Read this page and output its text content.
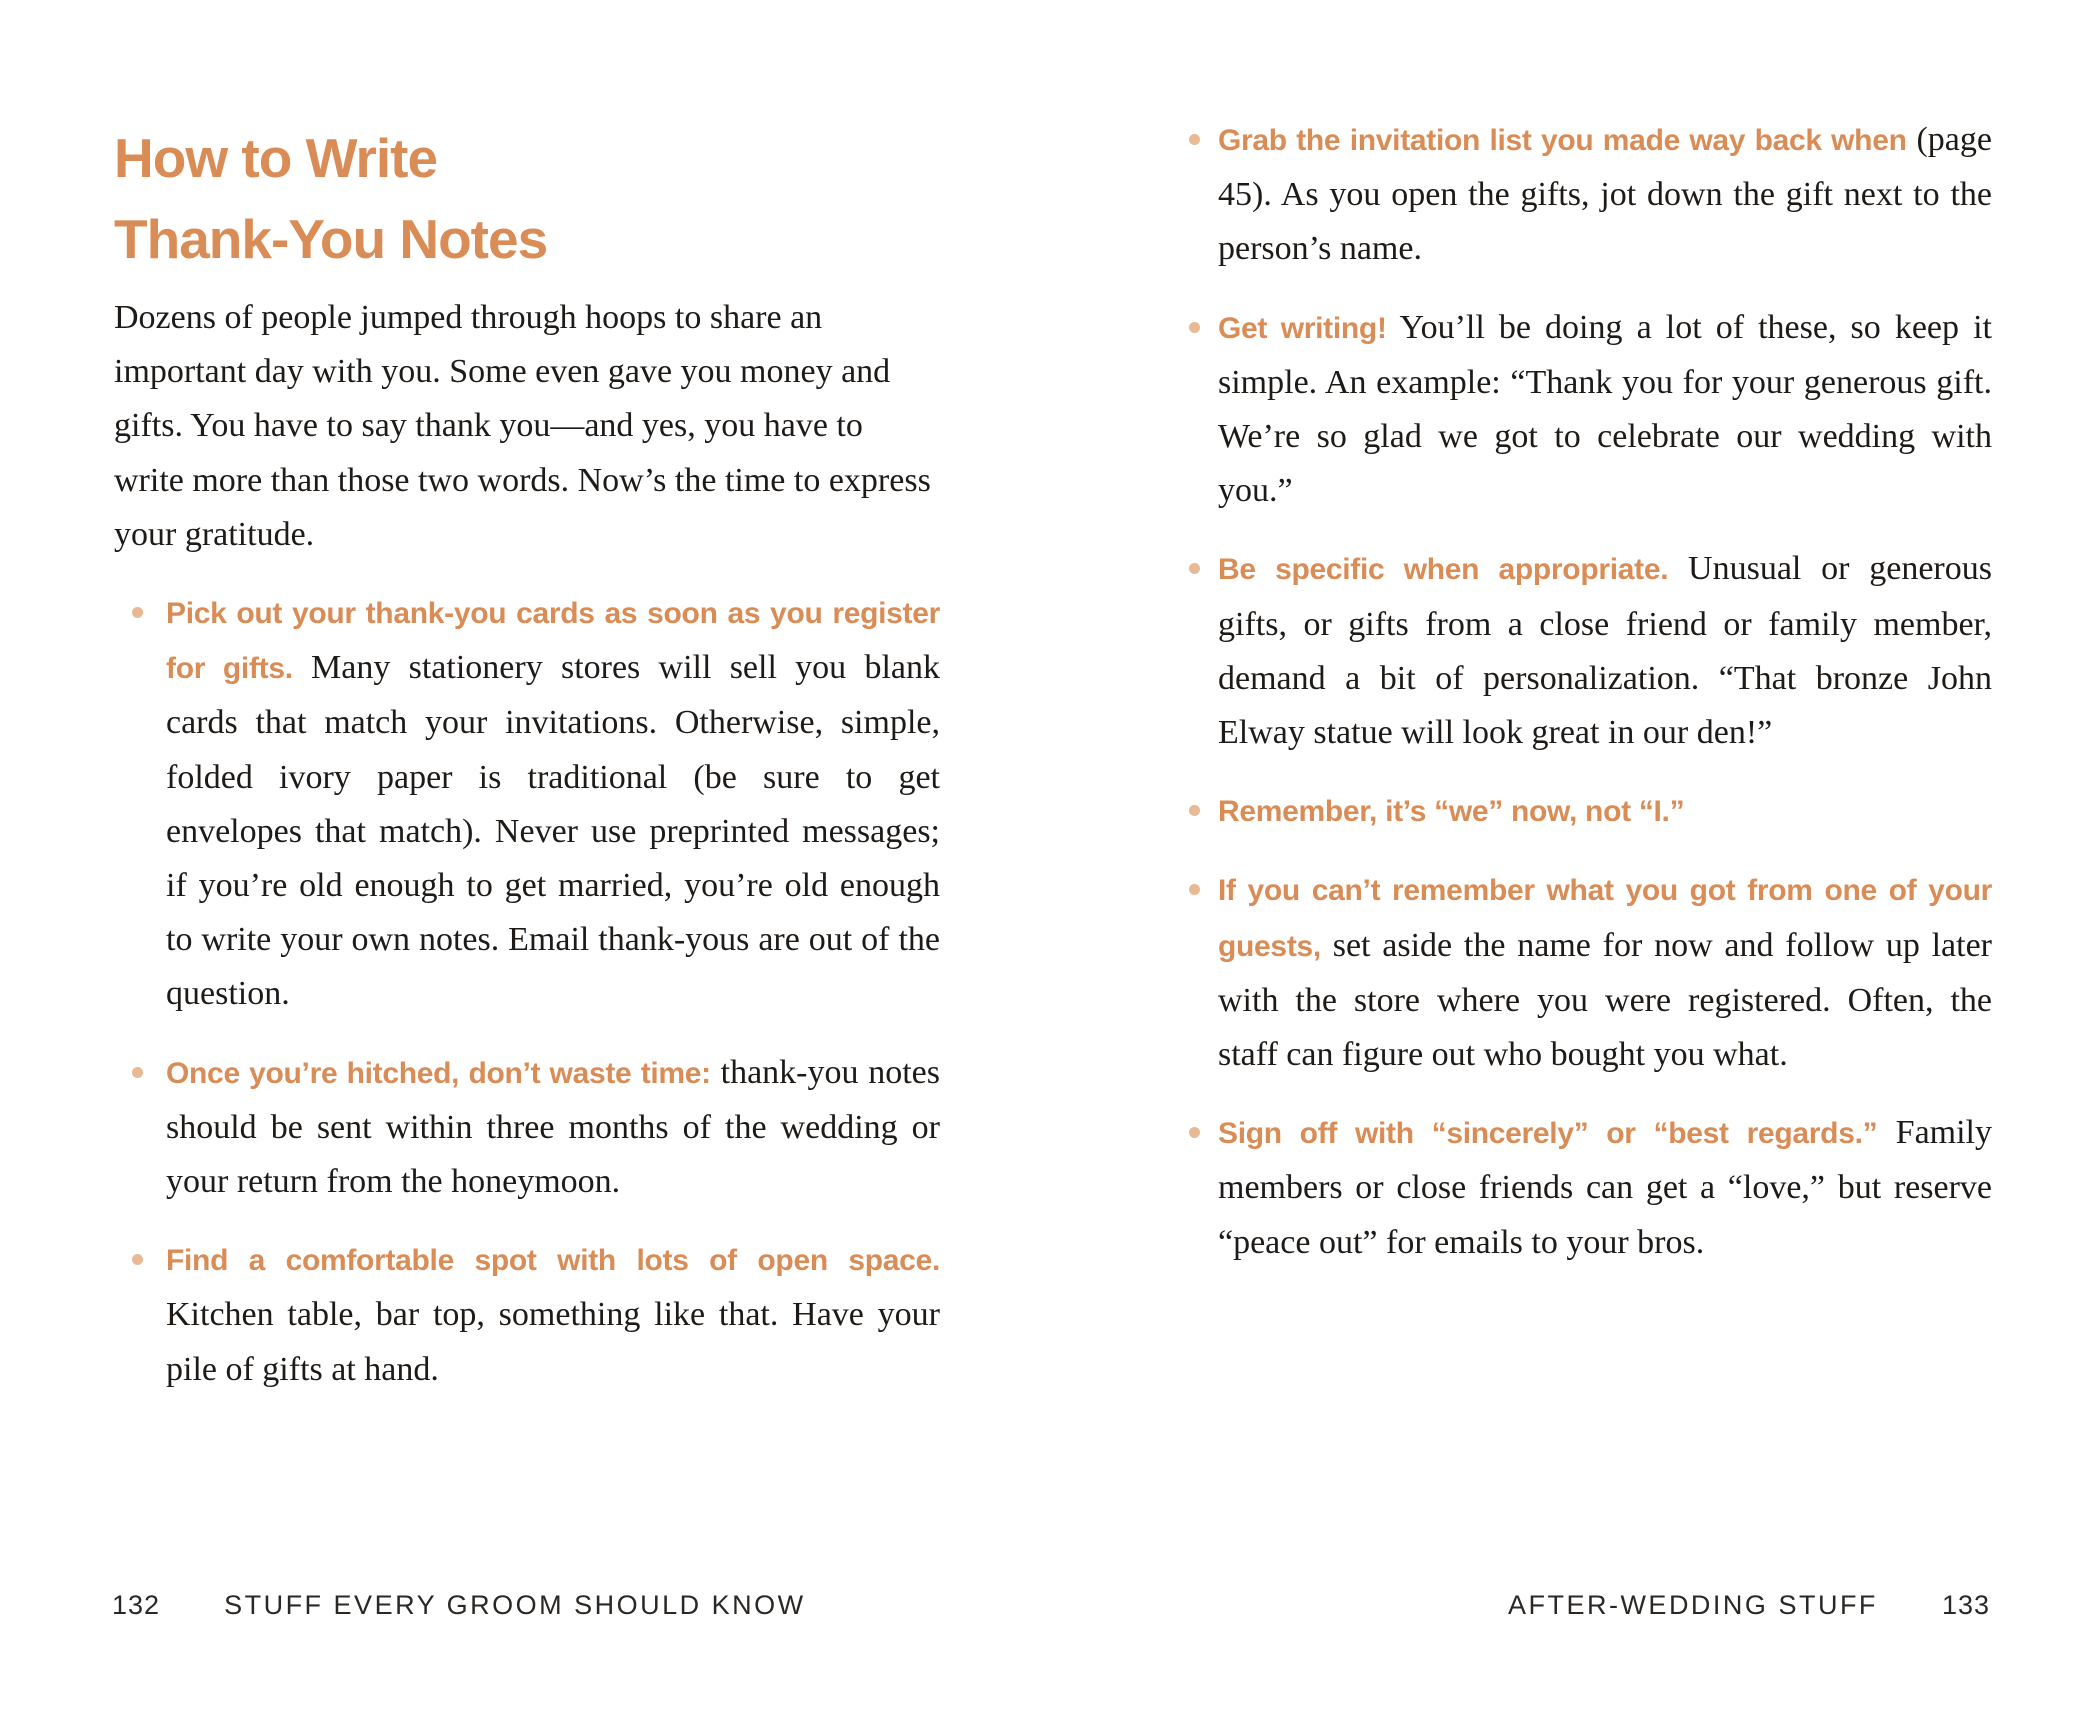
How to Write
Thank-You Notes

Dozens of people jumped through hoops to share an important day with you. Some even gave you money and gifts. You have to say thank you—and yes, you have to write more than those two words. Now’s the time to express your gratitude.

Pick out your thank-you cards as soon as you register for gifts. Many stationery stores will sell you blank cards that match your invitations. Otherwise, simple, folded ivory paper is traditional (be sure to get envelopes that match). Never use preprinted messages; if you’re old enough to get married, you’re old enough to write your own notes. Email thank-yous are out of the question.
Once you’re hitched, don’t waste time: thank-you notes should be sent within three months of the wedding or your return from the honeymoon.
Find a comfortable spot with lots of open space. Kitchen table, bar top, something like that. Have your pile of gifts at hand.
132 STUFF EVERY GROOM SHOULD KNOW
Grab the invitation list you made way back when (page 45). As you open the gifts, jot down the gift next to the person’s name.
Get writing! You’ll be doing a lot of these, so keep it simple. An example: “Thank you for your generous gift. We’re so glad we got to celebrate our wedding with you.”
Be specific when appropriate. Unusual or generous gifts, or gifts from a close friend or family member, demand a bit of personalization. “That bronze John Elway statue will look great in our den!”
Remember, it’s “we” now, not “I.”
If you can’t remember what you got from one of your guests, set aside the name for now and follow up later with the store where you were registered. Often, the staff can figure out who bought you what.
Sign off with “sincerely” or “best regards.” Family members or close friends can get a “love,” but reserve “peace out” for emails to your bros.
AFTER-WEDDING STUFF 133
